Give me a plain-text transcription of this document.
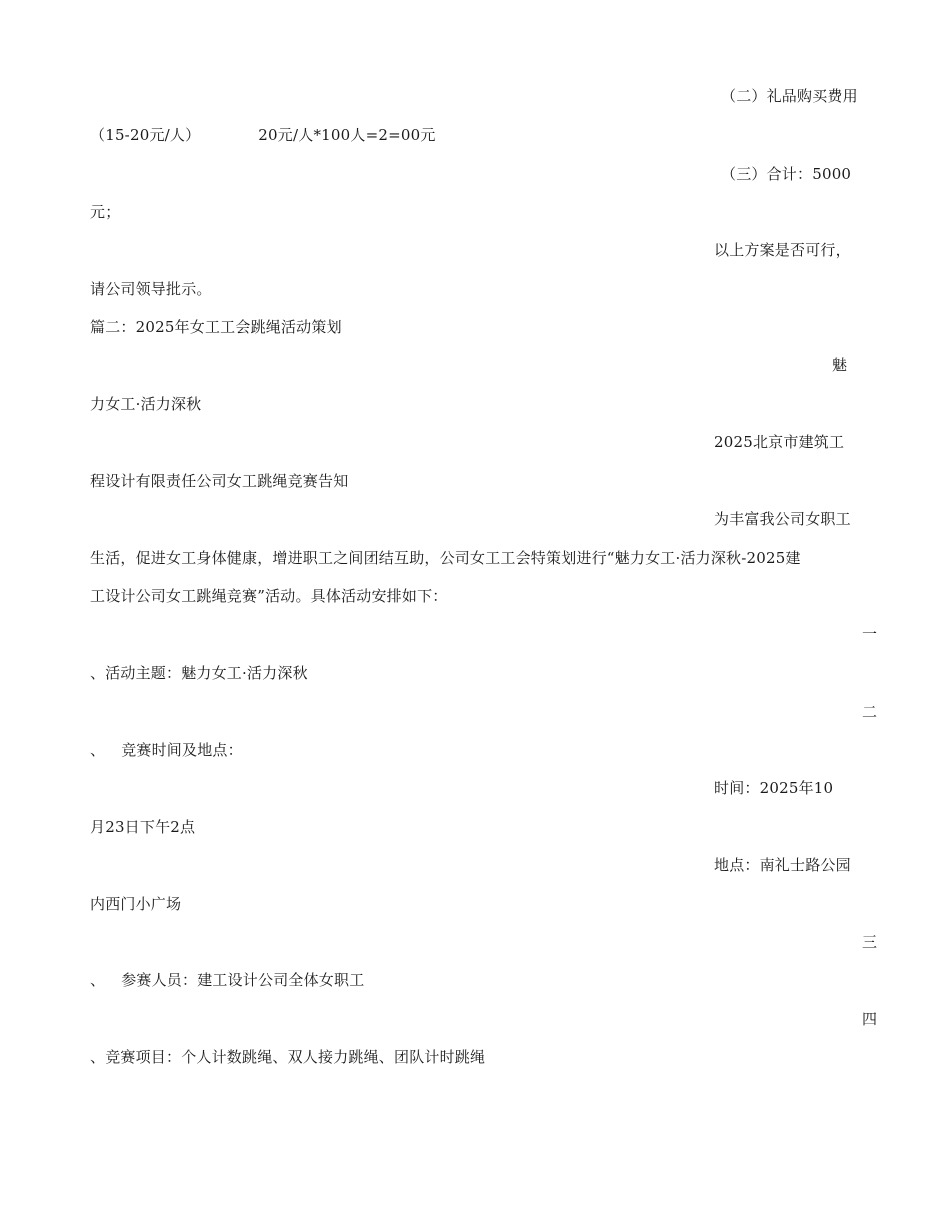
（二）礼品购买费用
（15-20元/人）	20元/人*100人=2=00元
（三）合计：5000
元；
以上方案是否可行，
请公司领导批示。
篇二：2025年女工工会跳绳活动策划
魅
力女工·活力深秋
2025北京市建筑工
程设计有限责任公司女工跳绳竞赛告知
为丰富我公司女职工
生活，促进女工身体健康，增进职工之间团结互助，公司女工工会特策划进行“魅力女工·活力深秋-2025建
工设计公司女工跳绳竞赛”活动。具体活动安排如下：
一
、活动主题：魅力女工·活力深秋
二
、 竞赛时间及地点：
时间：2025年10
月23日下午2点
地点：南礼士路公园
内西门小广场
三
、 参赛人员：建工设计公司全体女职工
四
、竞赛项目：个人计数跳绳、双人接力跳绳、团队计时跳绳
